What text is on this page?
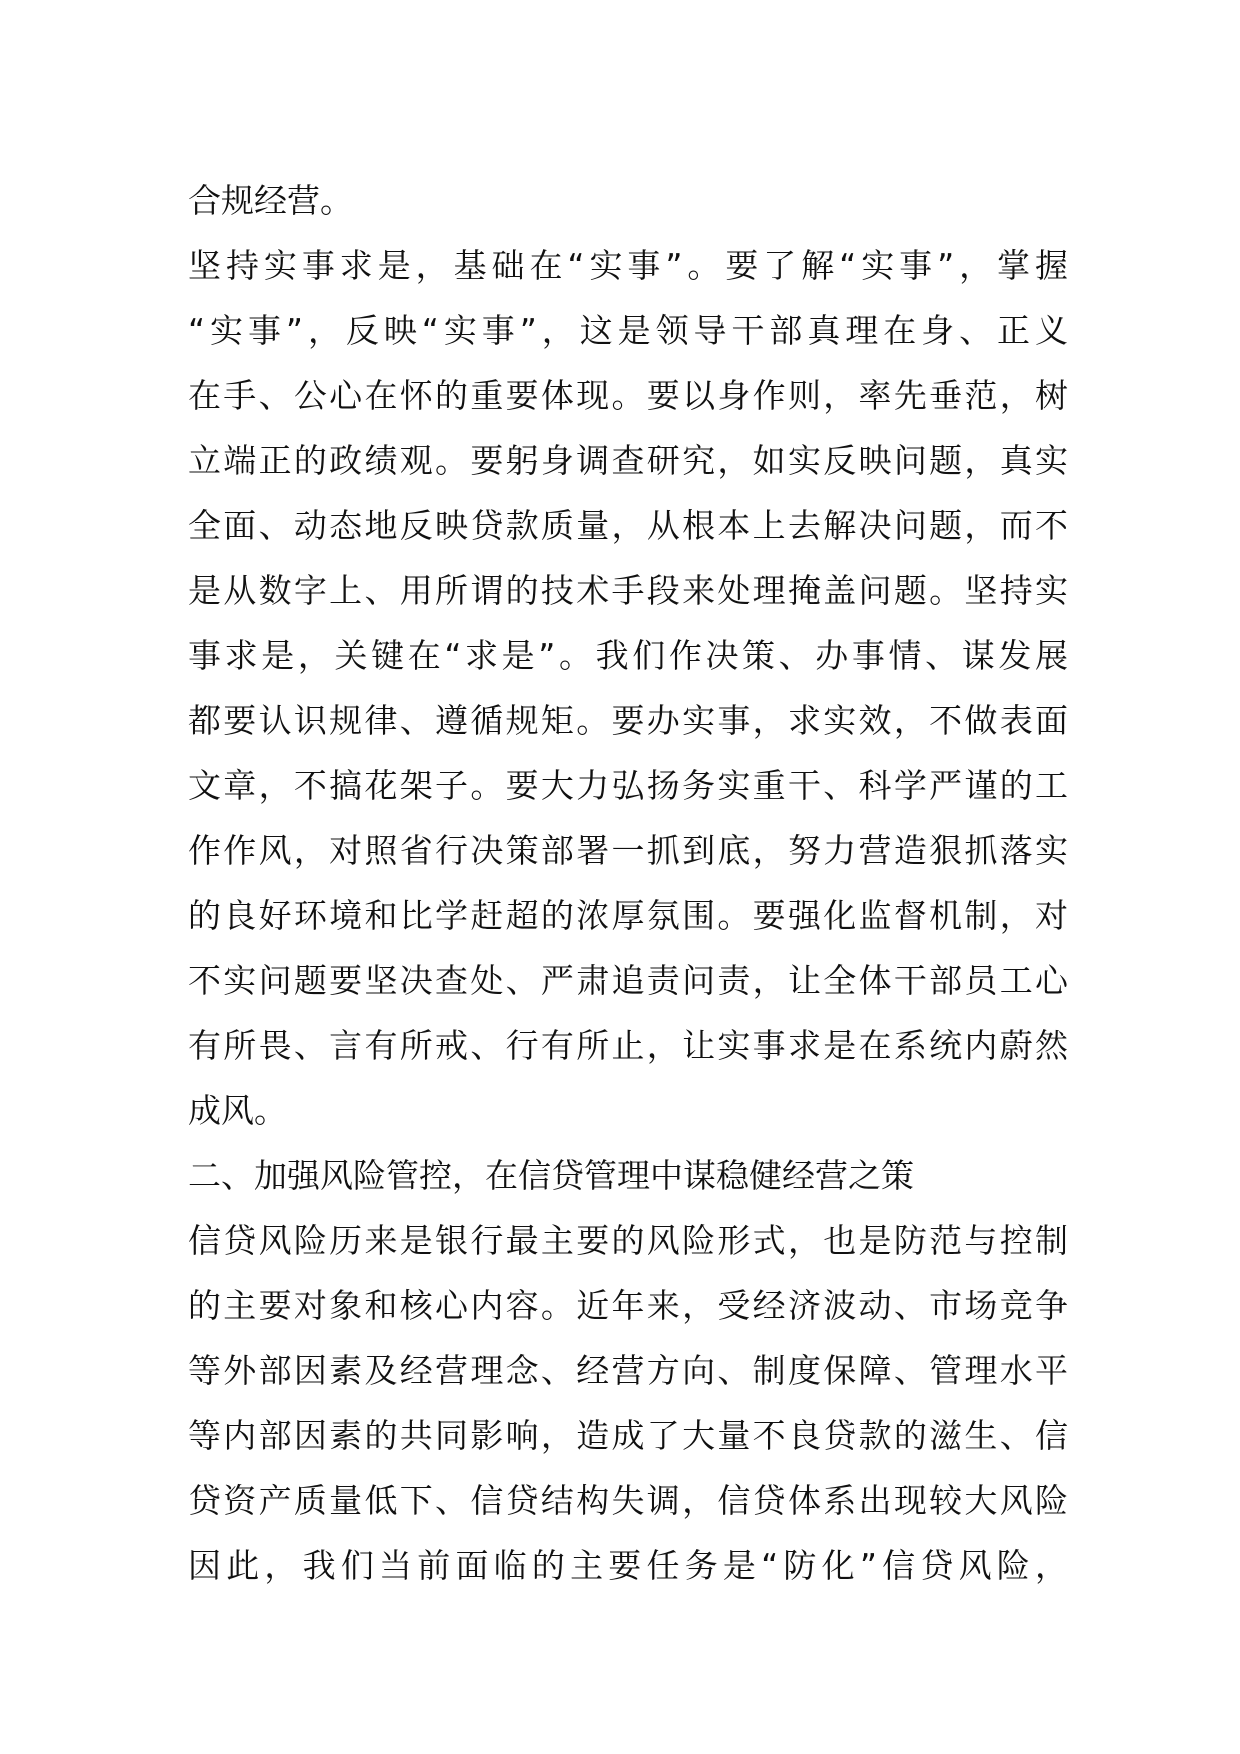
合规经营。
坚持实事求是，基础在“实事”。要了解“实事”，掌握
“实事”，反映“实事”，这是领导干部真理在身、正义
在手、公心在怀的重要体现。要以身作则，率先垂范，树
立端正的政绩观。要躬身调查研究，如实反映问题，真实
全面、动态地反映贷款质量，从根本上去解决问题，而不
是从数字上、用所谓的技术手段来处理掩盖问题。坚持实
事求是，关键在“求是”。我们作决策、办事情、谋发展
都要认识规律、遵循规矩。要办实事，求实效，不做表面
文章，不搞花架子。要大力弘扬务实重干、科学严谨的工
作作风，对照省行决策部署一抓到底，努力营造狠抓落实
的良好环境和比学赶超的浓厚氛围。要强化监督机制，对
不实问题要坚决查处、严肃追责问责，让全体干部员工心
有所畏、言有所戒、行有所止，让实事求是在系统内蔚然
成风。
二、加强风险管控，在信贷管理中谋稳健经营之策
信贷风险历来是银行最主要的风险形式，也是防范与控制
的主要对象和核心内容。近年来，受经济波动、市场竞争
等外部因素及经营理念、经营方向、制度保障、管理水平
等内部因素的共同影响，造成了大量不良贷款的滋生、信
贷资产质量低下、信贷结构失调，信贷体系出现较大风险
因此，我们当前面临的主要任务是“防化”信贷风险，
